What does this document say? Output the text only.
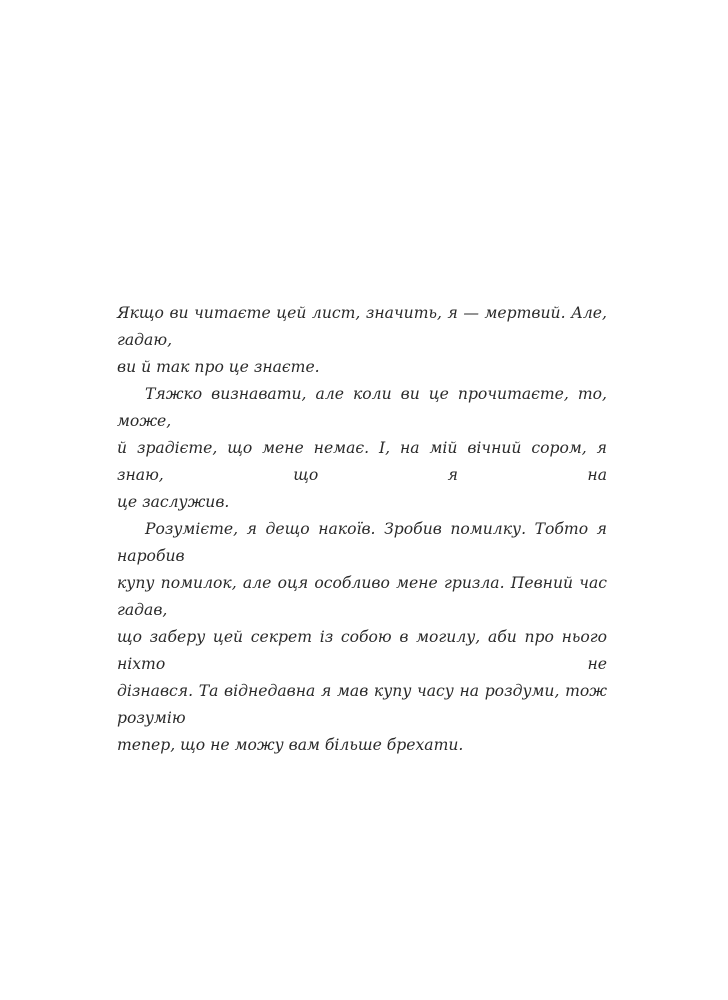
Якщо ви читаєте цей лист, значить, я — мертвий. Але, гадаю,
ви й так про це знаєте.

Тяжко визнавати, але коли ви це прочитаєте, то, може,
й зрадієте, що мене немає. І, на мій вічний сором, я знаю, що я на
це заслужив.

Розумієте, я дещо накоїв. Зробив помилку. Тобто я наробив
купу помилок, але оця особливо мене гризла. Певний час гадав,
що заберу цей секрет із собою в могилу, аби про нього ніхто не
дізнався. Та віднедавна я мав купу часу на роздуми, тож розумію
тепер, що не можу вам більше брехати.
